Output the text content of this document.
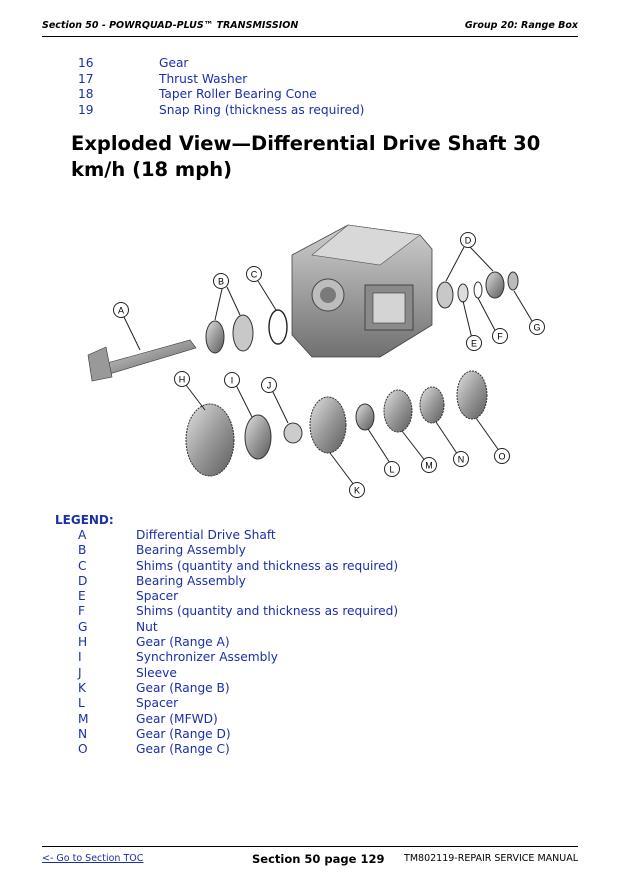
Section 50 - POWRQUAD-PLUS™ TRANSMISSION	Group 20: Range Box
16	Gear
17	Thrust Washer
18	Taper Roller Bearing Cone
19	Snap Ring (thickness as required)
Exploded View—Differential Drive Shaft 30 km/h (18 mph)
A
B
C
D
E
F
G
H	I	J
K
L	M
N	O
LEGEND:
A	Differential Drive Shaft
B	Bearing Assembly
C	Shims (quantity and thickness as required)
D	Bearing Assembly
E	Spacer
F	Shims (quantity and thickness as required)
G	Nut
H	Gear (Range A)
I	Synchronizer Assembly
J	Sleeve
K	Gear (Range B)
L	Spacer
M	Gear (MFWD)
N	Gear (Range D)
O	Gear (Range C)
<- Go to Section TOC	Section 50 page 129 TM802119-REPAIR SERVICE MANUAL
